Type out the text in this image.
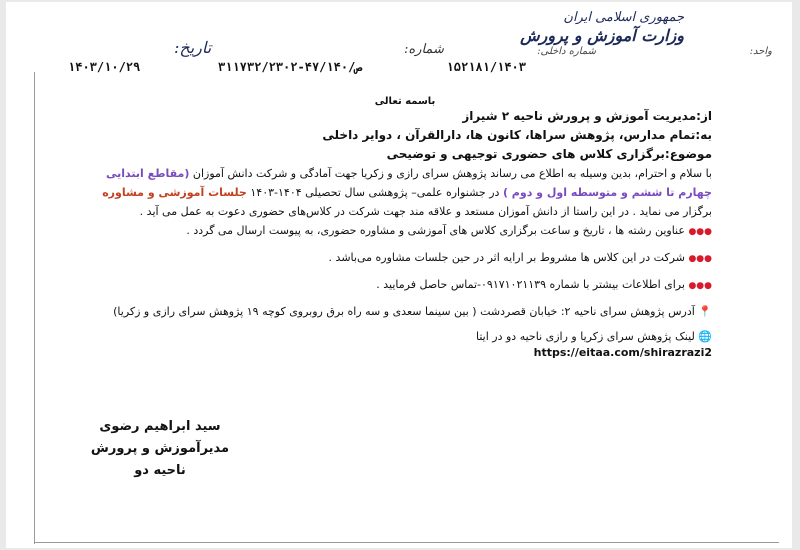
جمهوری اسلامی ایران
وزارت آموزش و پرورش
واحد:
شماره داخلی:
شماره:
تاریخ:
۱۵۲۱۸۱/۱۴۰۳
ص/۴۷/۱۴۰-۳۱۱۷۳۲/۲۳۰۲
۱۴۰۳/۱۰/۲۹

باسمه تعالی

از:مدیریت آموزش و پرورش ناحیه ۲ شیراز

به:تمام مدارس، پژوهش سراها، کانون ها، دارالقرآن ، دوایر داخلی

موضوع:برگزاری کلاس های حضوری توجیهی و توضیحی

با سلام و احترام، بدین وسیله به اطلاع می رساند پژوهش سرای رازی و زکریا جهت آمادگی و شرکت دانش آموزان (مقاطع ابتدایی چهارم تا ششم و متوسطه اول و دوم ) در جشنواره علمی– پژوهشی سال تحصیلی ۱۴۰۴-۱۴۰۳ جلسات آموزشی و مشاوره برگزار می نماید . در این راستا از دانش آموزان مستعد و علاقه مند جهت شرکت در کلاس‌های حضوری دعوت به عمل می آید .

●●● عناوین رشته ها ، تاریخ و ساعت برگزاری کلاس های آموزشی و مشاوره حضوری، به پیوست ارسال می گردد .

●●● شرکت در این کلاس ها مشروط بر ارایه اثر در حین جلسات مشاوره می‌باشد .

●●● برای اطلاعات بیشتر با شماره ۰۹۱۷۱۰۲۱۱۳۹-تماس حاصل فرمایید .

📍 آدرس پژوهش سرای ناحیه ۲: خیابان قصردشت ( بین سینما سعدی و سه راه برق روبروی کوچه ۱۹ پژوهش سرای رازی و زکریا)

🌐 لینک پژوهش سرای زکریا و رازی ناحیه دو در ایتا

https://eitaa.com/shirazrazi2

سید ابراهیم رضوی
مدیرآموزش و پرورش
ناحیه دو
